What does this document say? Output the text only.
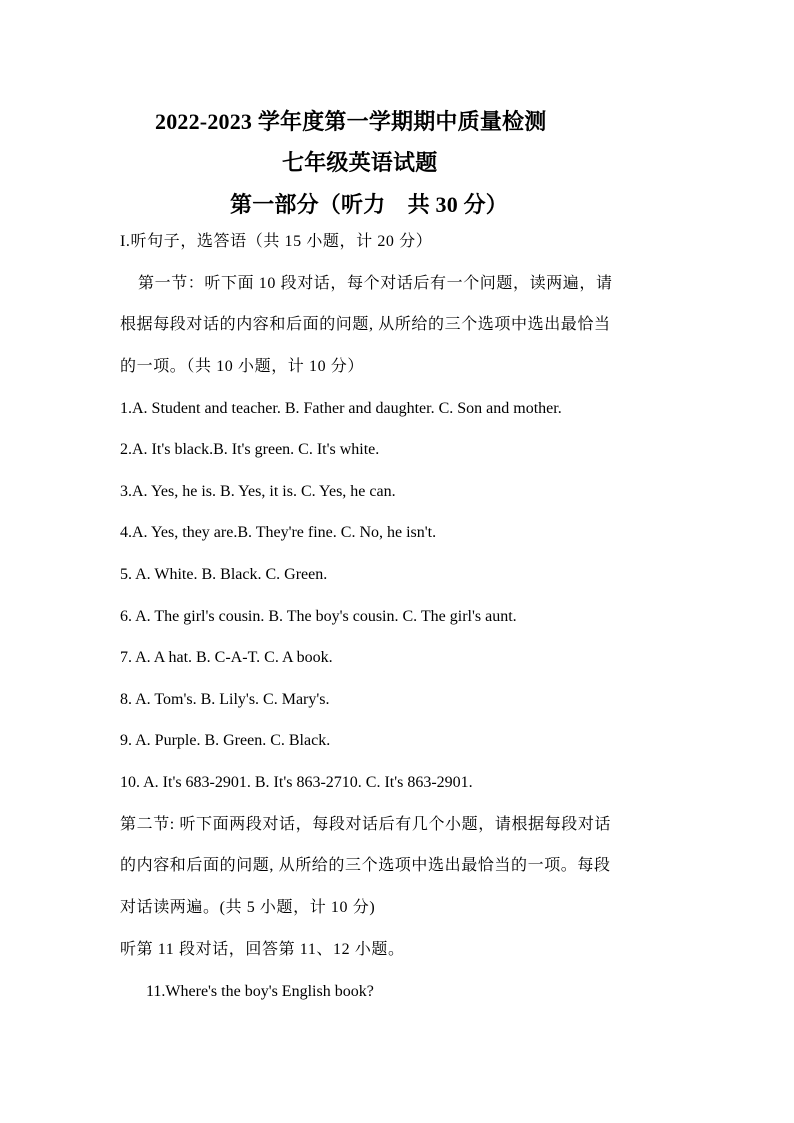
2022-2023 学年度第一学期期中质量检测
七年级英语试题
第一部分（听力　共 30 分）
I.听句子，选答语（共 15 小题，计 20 分）
第一节：听下面 10 段对话，每个对话后有一个问题，读两遍，请
根据每段对话的内容和后面的问题, 从所给的三个选项中选出最恰当
的一项。（共 10 小题，计 10 分）
1.A. Student and teacher. B. Father and daughter. C. Son and mother.
2.A. It's black.B. It's green. C. It's white.
3.A. Yes, he is. B. Yes, it is. C. Yes, he can.
4.A. Yes, they are.B. They're fine. C. No, he isn't.
5. A. White. B. Black. C. Green.
6. A. The girl's cousin. B. The boy's cousin. C. The girl's aunt.
7. A. A hat. B. C-A-T. C. A book.
8. A. Tom's. B. Lily's. C. Mary's.
9. A. Purple. B. Green. C. Black.
10. A. It's 683-2901. B. It's 863-2710. C. It's 863-2901.
第二节: 听下面两段对话，每段对话后有几个小题，请根据每段对话
的内容和后面的问题, 从所给的三个选项中选出最恰当的一项。每段
对话读两遍。(共 5 小题，计 10 分)
听第 11 段对话，回答第 11、12 小题。
11.Where's the boy's English book?
